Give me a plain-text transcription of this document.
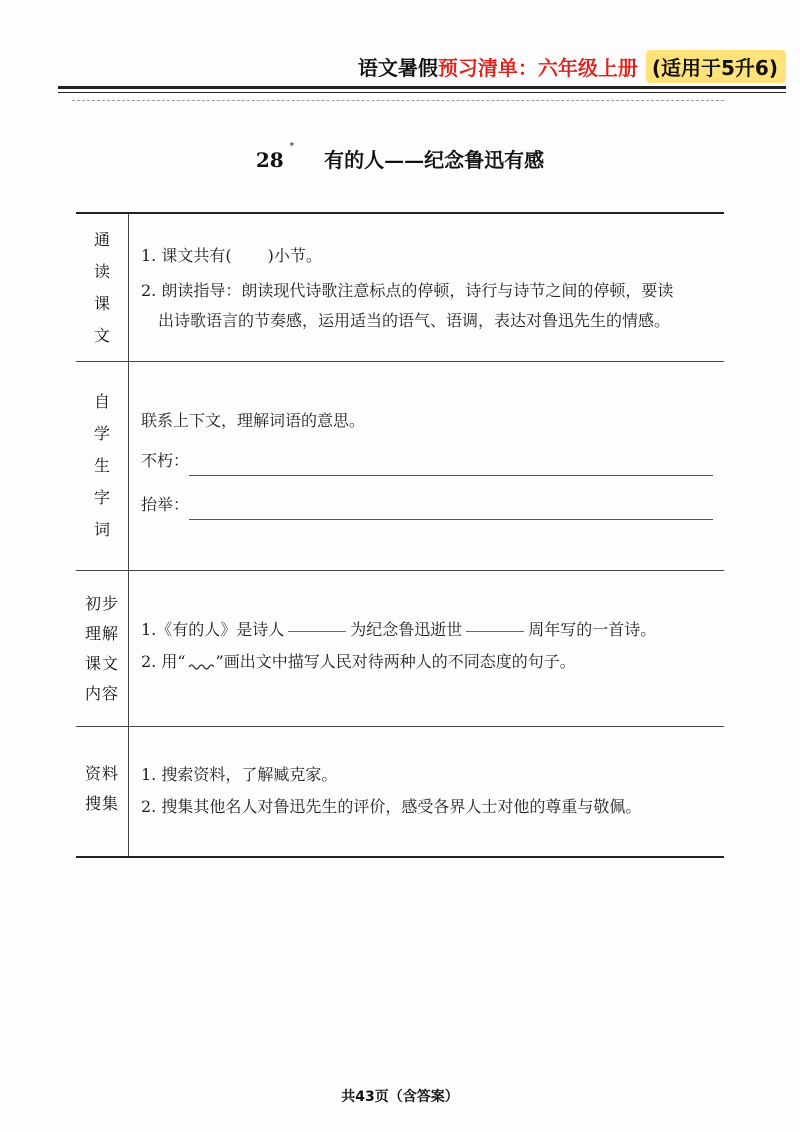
语文暑假 预习清单：六年级上册 (适用于5升6)
28*有的人——纪念鲁迅有感
通
读
课
文
1. 课文共有( )小节。
2. 朗读指导：朗读现代诗歌注意标点的停顿，诗行与诗节之间的停顿，要读
出诗歌语言的节奏感，运用适当的语气、语调，表达对鲁迅先生的情感。
自
学
生
字
词
联系上下文，理解词语的意思。
不朽：
抬举：
初步
理解
课文
内容
1.《有的人》是诗人	为纪念鲁迅逝世	周年写的一首诗。
2. 用“ ”画出文中描写人民对待两种人的不同态度的句子。
资料
搜集
1. 搜索资料，了解臧克家。
2. 搜集其他名人对鲁迅先生的评价，感受各界人士对他的尊重与敬佩。
共43页（含答案）
